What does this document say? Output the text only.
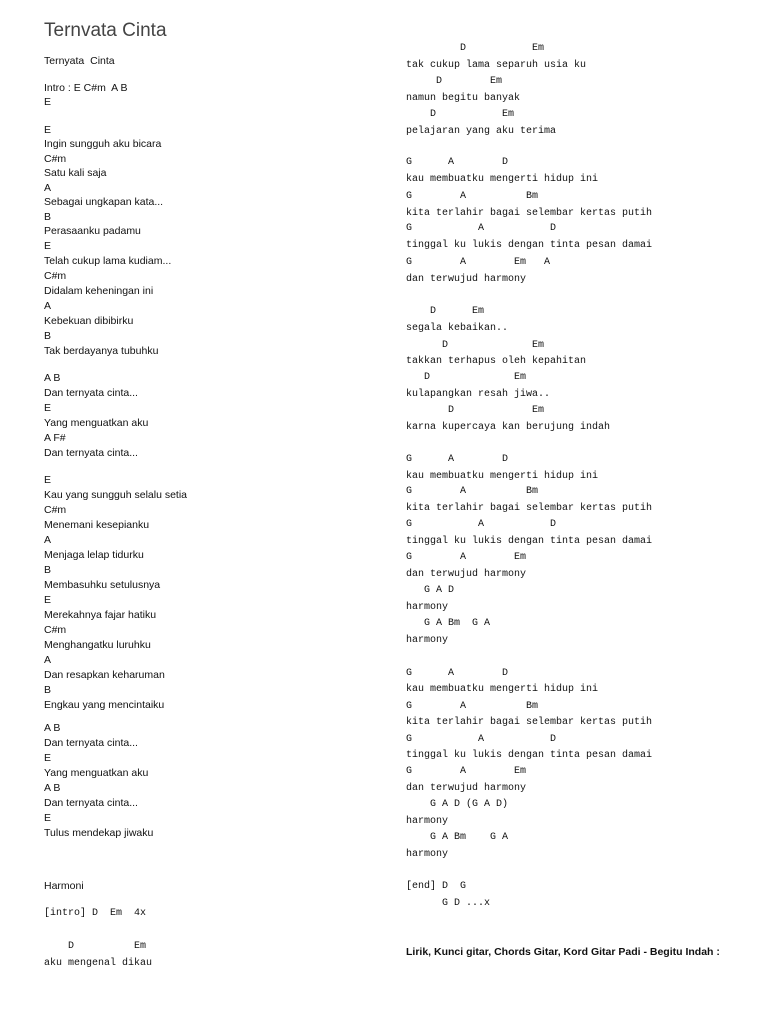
Ternvata Cinta
Ternyata  Cinta
Intro : E C#m  A B
E
E
Ingin sungguh aku bicara
C#m
Satu kali saja
A
Sebagai ungkapan kata...
B
Perasaanku padamu
E
Telah cukup lama kudiam...
C#m
Didalam keheningan ini
A
Kebekuan dibibirku
B
Tak berdayanya tubuhku
A B
Dan ternyata cinta...
E
Yang menguatkan aku
A F#
Dan ternyata cinta...
E
Kau yang sungguh selalu setia
C#m
Menemani kesepianku
A
Menjaga lelap tidurku
B
Membasuhku setulusnya
E
Merekahnya fajar hatiku
C#m
Menghangatku luruhku
A
Dan resapkan keharuman
B
Engkau yang mencintaiku
A B
Dan ternyata cinta...
E
Yang menguatkan aku
A B
Dan ternyata cinta...
E
Tulus mendekap jiwaku
Harmoni
[intro] D  Em  4x
D          Em
aku mengenal dikau
D           Em
tak cukup lama separuh usia ku
D        Em
namun begitu banyak
D           Em
pelajaran yang aku terima
G      A        D
kau membuatku mengerti hidup ini
G        A          Bm
kita terlahir bagai selembar kertas putih
G           A           D
tinggal ku lukis dengan tinta pesan damai
G        A        Em   A
dan terwujud harmony
D      Em
segala kebaikan..
D              Em
takkan terhapus oleh kepahitan
D              Em
kulapangkan resah jiwa..
D             Em
karna kupercaya kan berujung indah
G      A        D
kau membuatku mengerti hidup ini
G        A          Bm
kita terlahir bagai selembar kertas putih
G           A           D
tinggal ku lukis dengan tinta pesan damai
G        A        Em
dan terwujud harmony
G A D
harmony
G A Bm  G A
harmony
G      A        D
kau membuatku mengerti hidup ini
G        A          Bm
kita terlahir bagai selembar kertas putih
G           A           D
tinggal ku lukis dengan tinta pesan damai
G        A        Em
dan terwujud harmony
G A D (G A D)
harmony
G A Bm    G A
harmony
[end] D  G
G D ...x
Lirik, Kunci gitar, Chords Gitar, Kord Gitar Padi - Begitu Indah :
